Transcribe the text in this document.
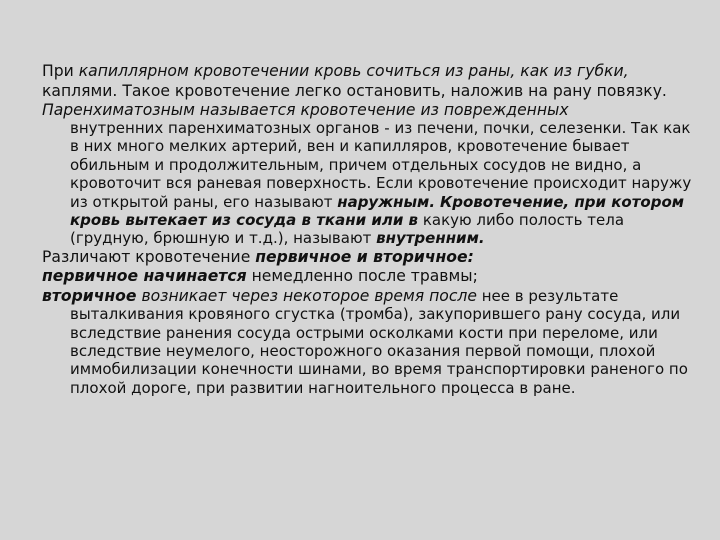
При капиллярном кровотечении кровь сочиться из раны, как из губки,
каплями. Такое кровотечение легко остановить, наложив на рану повязку.

Паренхиматозным называется кровотечение из поврежденных
внутренних паренхиматозных органов - из печени, почки, селезенки. Так как в них много мелких артерий, вен и капилляров, кровотечение бывает обильным и продолжительным, причем отдельных сосудов не видно, а кровоточит вся раневая поверхность. Если кровотечение происходит наружу из открытой раны, его называют наружным. Кровотечение, при котором кровь вытекает из сосуда в ткани или в какую либо полость тела (грудную, брюшную и т.д.), называют внутренним.

Различают кровотечение первичное и вторичное:

первичное начинается немедленно после травмы;

вторичное возникает через некоторое время после нее в результате выталкивания кровяного сгустка (тромба), закупорившего рану сосуда, или вследствие ранения сосуда острыми осколками кости при переломе, или вследствие неумелого, неосторожного оказания первой помощи, плохой иммобилизации конечности шинами, во время транспортировки раненого по плохой дороге, при развитии нагноительного процесса в ране.
